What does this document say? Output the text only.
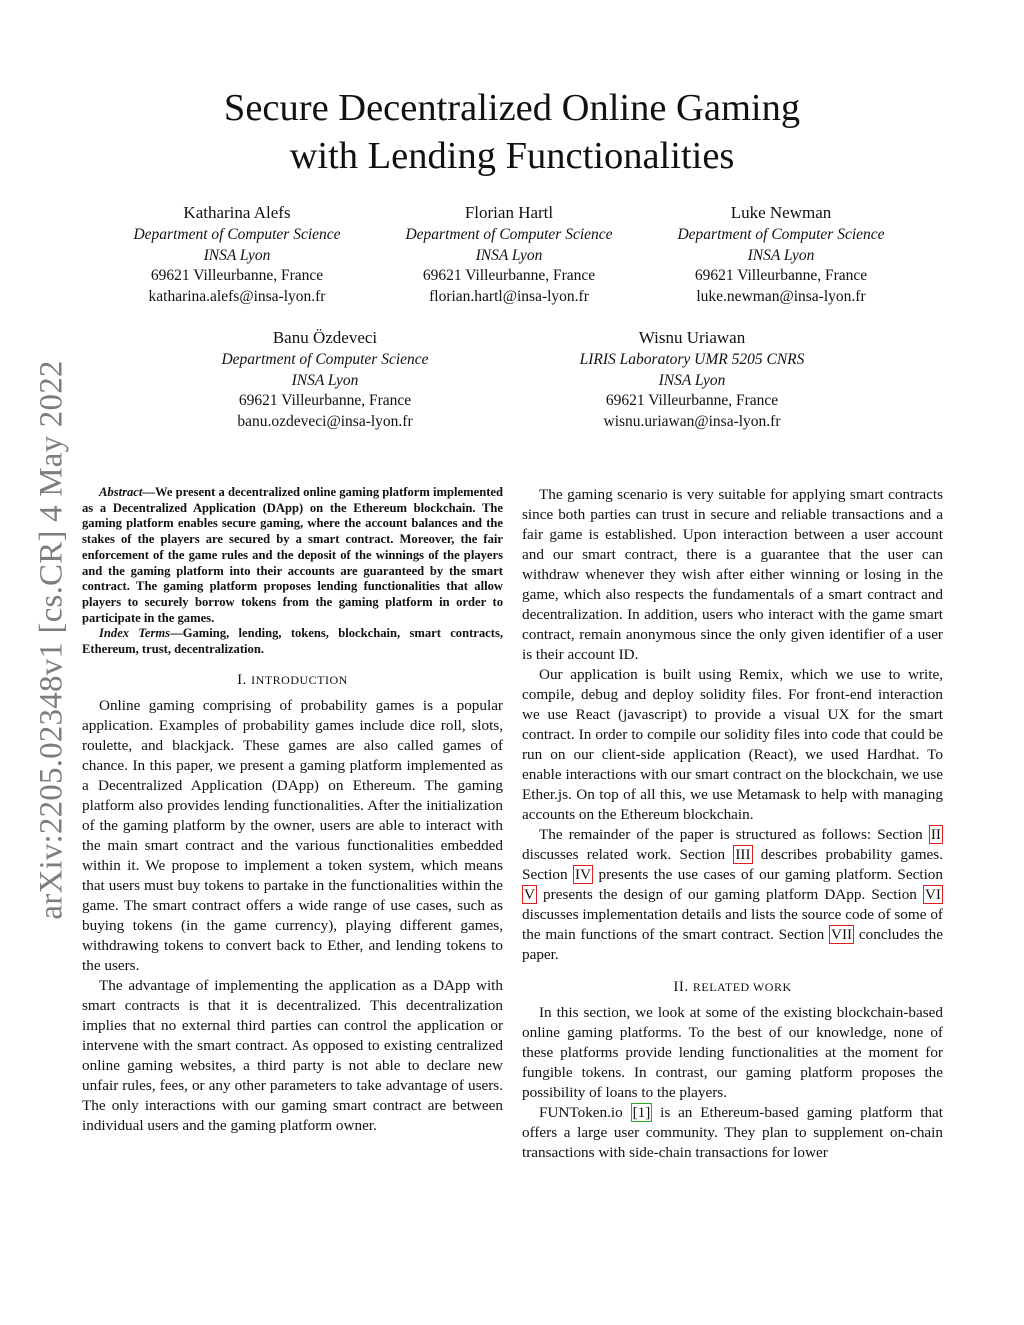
arXiv:2205.02348v1 [cs.CR] 4 May 2022
Secure Decentralized Online Gaming
with Lending Functionalities
Katharina Alefs
Department of Computer Science
INSA Lyon
69621 Villeurbanne, France
katharina.alefs@insa-lyon.fr
Florian Hartl
Department of Computer Science
INSA Lyon
69621 Villeurbanne, France
florian.hartl@insa-lyon.fr
Luke Newman
Department of Computer Science
INSA Lyon
69621 Villeurbanne, France
luke.newman@insa-lyon.fr
Banu Özdeveci
Department of Computer Science
INSA Lyon
69621 Villeurbanne, France
banu.ozdeveci@insa-lyon.fr
Wisnu Uriawan
LIRIS Laboratory UMR 5205 CNRS
INSA Lyon
69621 Villeurbanne, France
wisnu.uriawan@insa-lyon.fr

Abstract—We present a decentralized online gaming platform implemented as a Decentralized Application (DApp) on the Ethereum blockchain. The gaming platform enables secure gaming, where the account balances and the stakes of the players are secured by a smart contract. Moreover, the fair enforcement of the game rules and the deposit of the winnings of the players and the gaming platform into their accounts are guaranteed by the smart contract. The gaming platform proposes lending functionalities that allow players to securely borrow tokens from the gaming platform in order to participate in the games.

Index Terms—Gaming, lending, tokens, blockchain, smart contracts, Ethereum, trust, decentralization.

I. INTRODUCTION

Online gaming comprising of probability games is a popular application. Examples of probability games include dice roll, slots, roulette, and blackjack. These games are also called games of chance. In this paper, we present a gaming platform implemented as a Decentralized Application (DApp) on Ethereum. The gaming platform also provides lending functionalities. After the initialization of the gaming platform by the owner, users are able to interact with the main smart contract and the various functionalities embedded within it. We propose to implement a token system, which means that users must buy tokens to partake in the functionalities within the game. The smart contract offers a wide range of use cases, such as buying tokens (in the game currency), playing different games, withdrawing tokens to convert back to Ether, and lending tokens to the users.

The advantage of implementing the application as a DApp with smart contracts is that it is decentralized. This decentralization implies that no external third parties can control the application or intervene with the smart contract. As opposed to existing centralized online gaming websites, a third party is not able to declare new unfair rules, fees, or any other parameters to take advantage of users. The only interactions with our gaming smart contract are between individual users and the gaming platform owner.

The gaming scenario is very suitable for applying smart contracts since both parties can trust in secure and reliable transactions and a fair game is established. Upon interaction between a user account and our smart contract, there is a guarantee that the user can withdraw whenever they wish after either winning or losing in the game, which also respects the fundamentals of a smart contract and decentralization. In addition, users who interact with the game smart contract, remain anonymous since the only given identifier of a user is their account ID.

Our application is built using Remix, which we use to write, compile, debug and deploy solidity files. For front-end interaction we use React (javascript) to provide a visual UX for the smart contract. In order to compile our solidity files into code that could be run on our client-side application (React), we used Hardhat. To enable interactions with our smart contract on the blockchain, we use Ether.js. On top of all this, we use Metamask to help with managing accounts on the Ethereum blockchain.

The remainder of the paper is structured as follows: Section II discusses related work. Section III describes probability games. Section IV presents the use cases of our gaming platform. Section V presents the design of our gaming platform DApp. Section VI discusses implementation details and lists the source code of some of the main functions of the smart contract. Section VII concludes the paper.

II. RELATED WORK

In this section, we look at some of the existing blockchain-based online gaming platforms. To the best of our knowledge, none of these platforms provide lending functionalities at the moment for fungible tokens. In contrast, our gaming platform proposes the possibility of loans to the players.

FUNToken.io [1] is an Ethereum-based gaming platform that offers a large user community. They plan to supplement on-chain transactions with side-chain transactions for lower
